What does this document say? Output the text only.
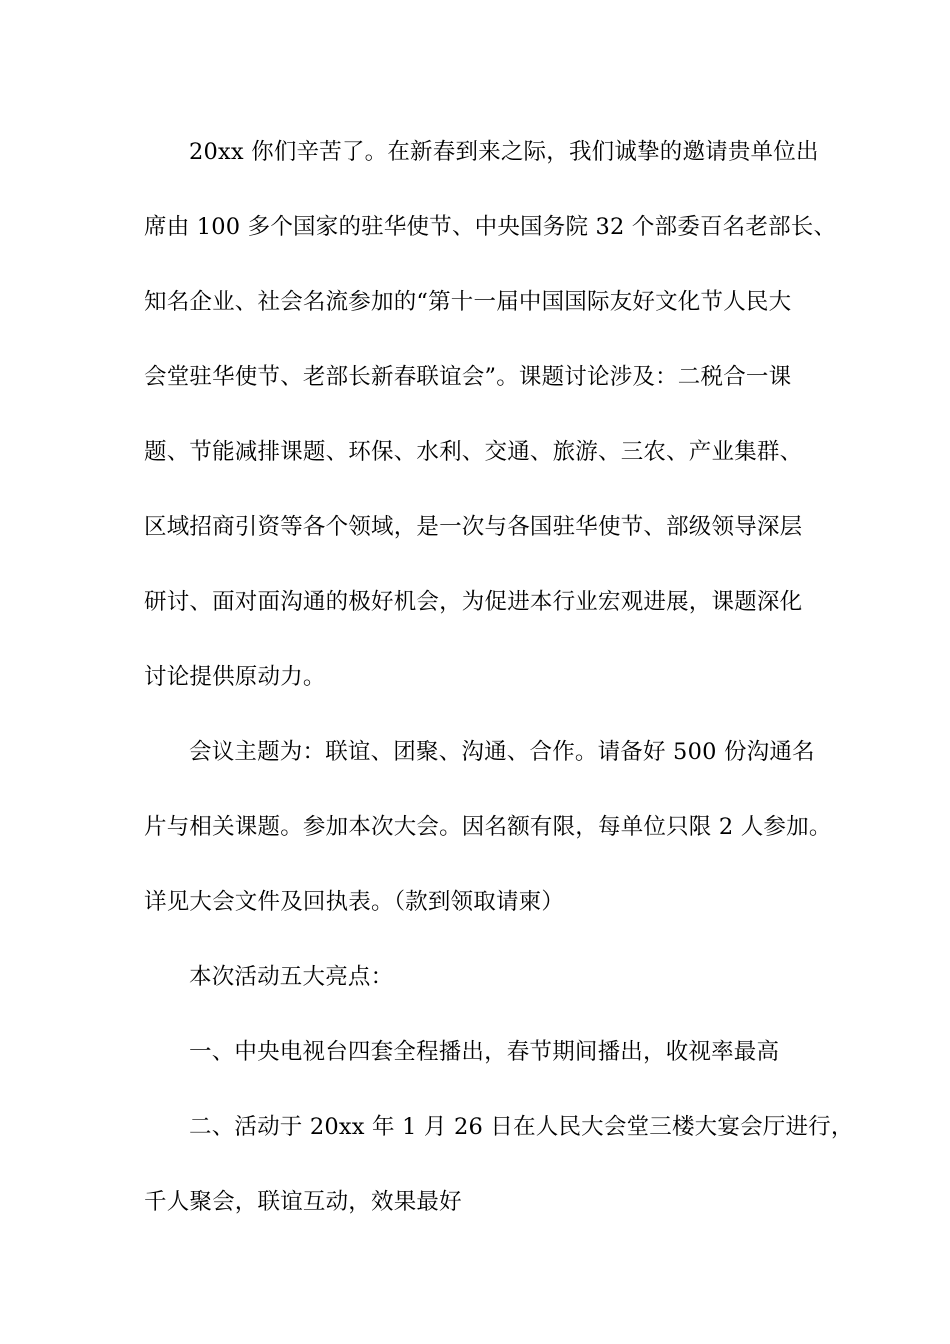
20xx 你们辛苦了。在新春到来之际，我们诚挚的邀请贵单位出
席由 100 多个国家的驻华使节、中央国务院 32 个部委百名老部长、
知名企业、社会名流参加的“第十一届中国国际友好文化节人民大
会堂驻华使节、老部长新春联谊会”。课题讨论涉及：二税合一课
题、节能减排课题、环保、水利、交通、旅游、三农、产业集群、
区域招商引资等各个领域，是一次与各国驻华使节、部级领导深层
研讨、面对面沟通的极好机会，为促进本行业宏观进展，课题深化
讨论提供原动力。
会议主题为：联谊、团聚、沟通、合作。请备好 500 份沟通名
片与相关课题。参加本次大会。因名额有限，每单位只限 2 人参加。
详见大会文件及回执表。（款到领取请柬）
本次活动五大亮点：
一、中央电视台四套全程播出，春节期间播出，收视率最高
二、活动于 20xx 年 1 月 26 日在人民大会堂三楼大宴会厅进行，
千人聚会，联谊互动，效果最好
